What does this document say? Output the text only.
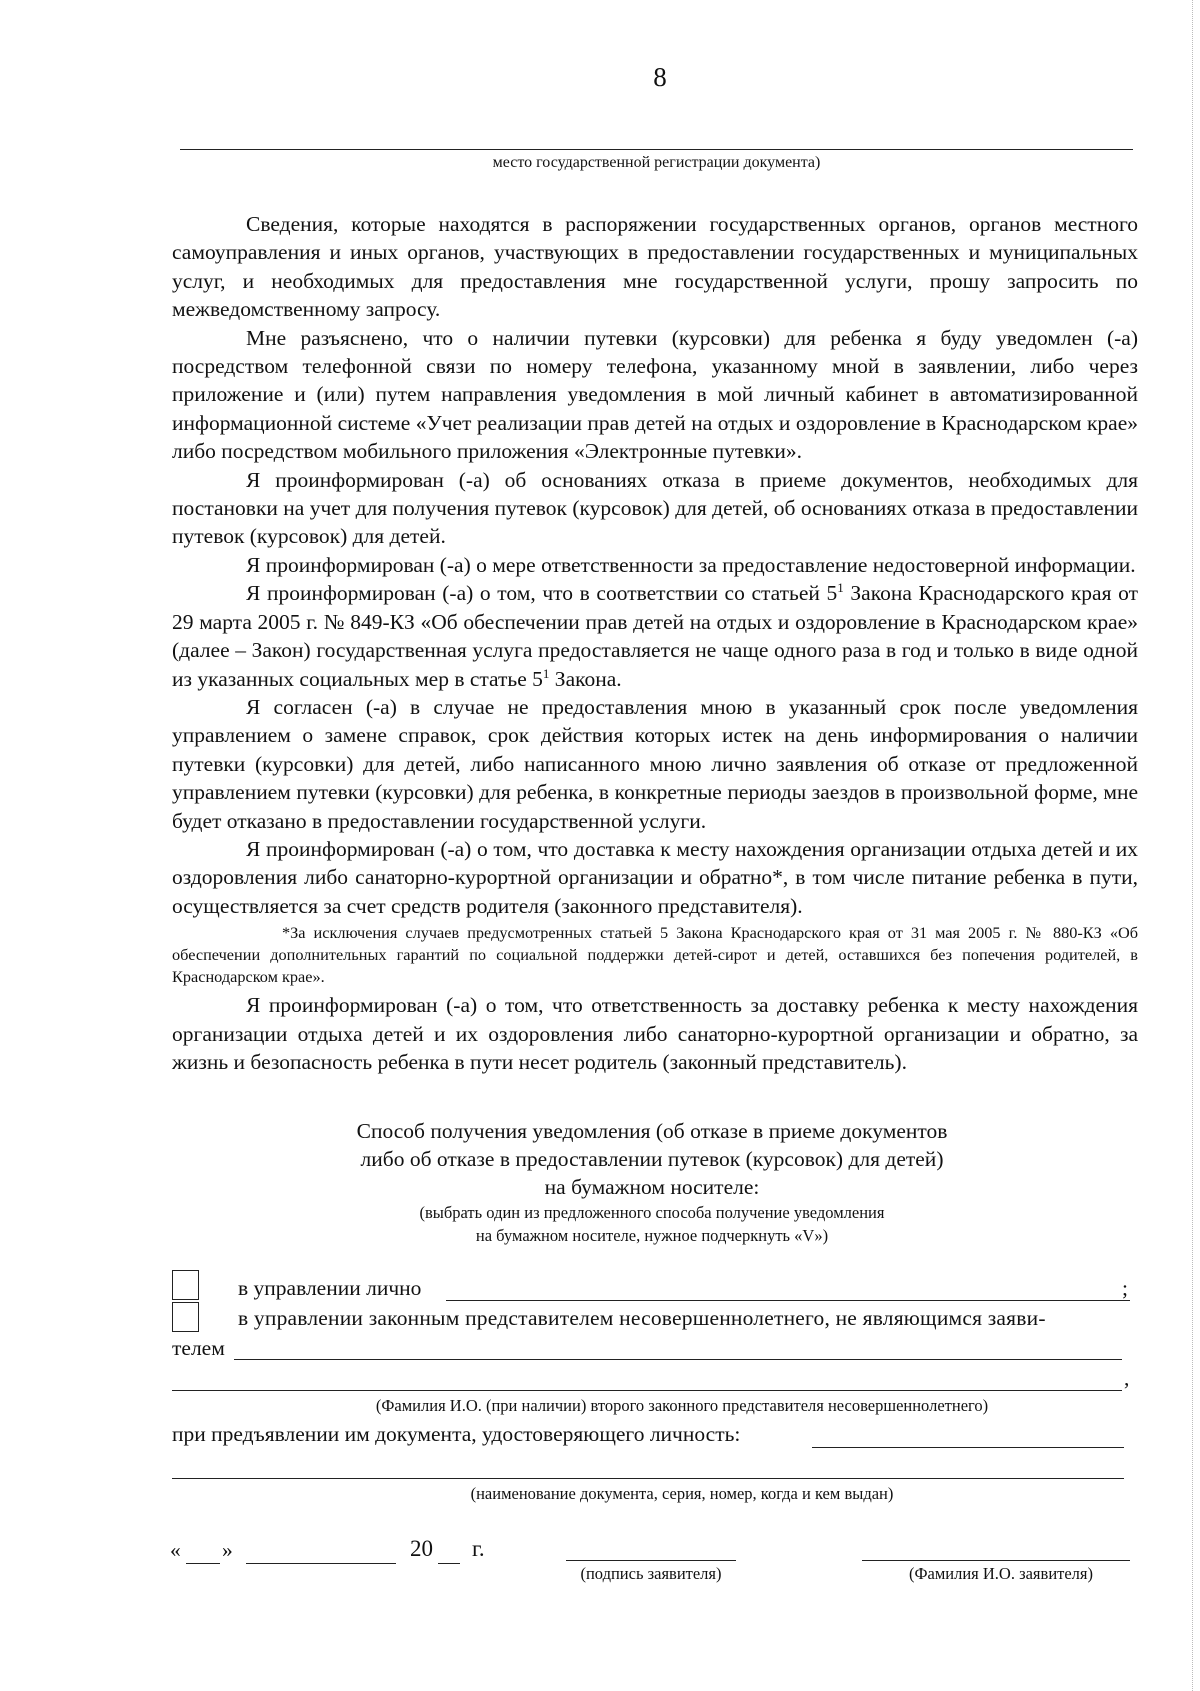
8
место государственной регистрации документа)

Сведения, которые находятся в распоряжении государственных органов, органов местного самоуправления и иных органов, участвующих в предоставлении государственных и муниципальных услуг, и необходимых для предоставления мне государственной услуги, прошу запросить по межведомственному запросу.

Мне разъяснено, что о наличии путевки (курсовки) для ребенка я буду уведомлен (-а) посредством телефонной связи по номеру телефона, указанному мной в заявлении, либо через приложение и (или) путем направления уведомления в мой личный кабинет в автоматизированной информационной системе «Учет реализации прав детей на отдых и оздоровление в Краснодарском крае» либо посредством мобильного приложения «Электронные путевки».

Я проинформирован (-а) об основаниях отказа в приеме документов, необходимых для постановки на учет для получения путевок (курсовок) для детей, об основаниях отказа в предоставлении путевок (курсовок) для детей.

Я проинформирован (-а) о мере ответственности за предоставление недостоверной информации.

Я проинформирован (-а) о том, что в соответствии со статьей $5^1$ Закона Краснодарского края от 29 марта 2005 г. № 849-КЗ «Об обеспечении прав детей на отдых и оздоровление в Краснодарском крае» (далее – Закон) государственная услуга предоставляется не чаще одного раза в год и только в виде одной из указанных социальных мер в статье $5^1$ Закона.

Я согласен (-а) в случае не предоставления мною в указанный срок после уведомления управлением о замене справок, срок действия которых истек на день информирования о наличии путевки (курсовки) для детей, либо написанного мною лично заявления об отказе от предложенной управлением путевки (курсовки) для ребенка, в конкретные периоды заездов в произвольной форме, мне будет отказано в предоставлении государственной услуги.

Я проинформирован (-а) о том, что доставка к месту нахождения организации отдыха детей и их оздоровления либо санаторно-курортной организации и обратно*, в том числе питание ребенка в пути, осуществляется за счет средств родителя (законного представителя).

*За исключения случаев предусмотренных статьей 5 Закона Краснодарского края от 31 мая 2005 г. № 880-КЗ «Об обеспечении дополнительных гарантий по социальной поддержки детей-сирот и детей, оставшихся без попечения родителей, в Краснодарском крае».

Я проинформирован (-а) о том, что ответственность за доставку ребенка к месту нахождения организации отдыха детей и их оздоровления либо санаторно-курортной организации и обратно, за жизнь и безопасность ребенка в пути несет родитель (законный представитель).

Способ получения уведомления (об отказе в приеме документов
либо об отказе в предоставлении путевок (курсовок) для детей)
на бумажном носителе:
(выбрать один из предложенного способа получение уведомления
на бумажном носителе, нужное подчеркнуть «V»)
в управлении лично	;
в управлении законным представителем несовершеннолетнего, не являющимся заяви-
телем
,
(Фамилия И.О. (при наличии) второго законного представителя несовершеннолетнего)
при предъявлении им документа, удостоверяющего личность:
(наименование документа, серия, номер, когда и кем выдан)
« »	20 г.
(подпись заявителя)	(Фамилия И.О. заявителя)
